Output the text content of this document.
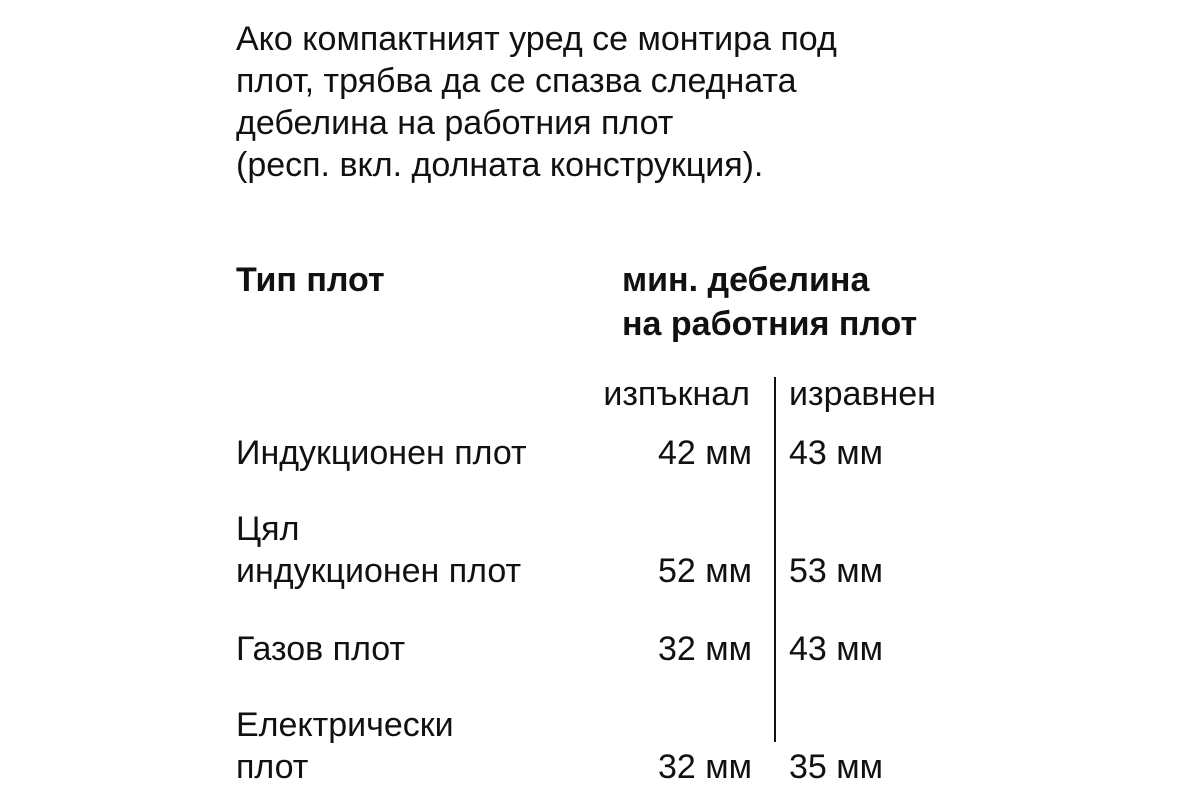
Ако компактният уред се монтира под
плот, трябва да се спазва следната
дебелина на работния плот
(респ. вкл. долната конструкция).

Тип плот	мин. дебелина
на работния плот
изпъкнал изравнен
Индукционен плот	42 мм 43 мм
Цял
индукционен плот	52 мм 53 мм
Газов плот	32 мм 43 мм
Електрически
плот	32 мм 35 мм
